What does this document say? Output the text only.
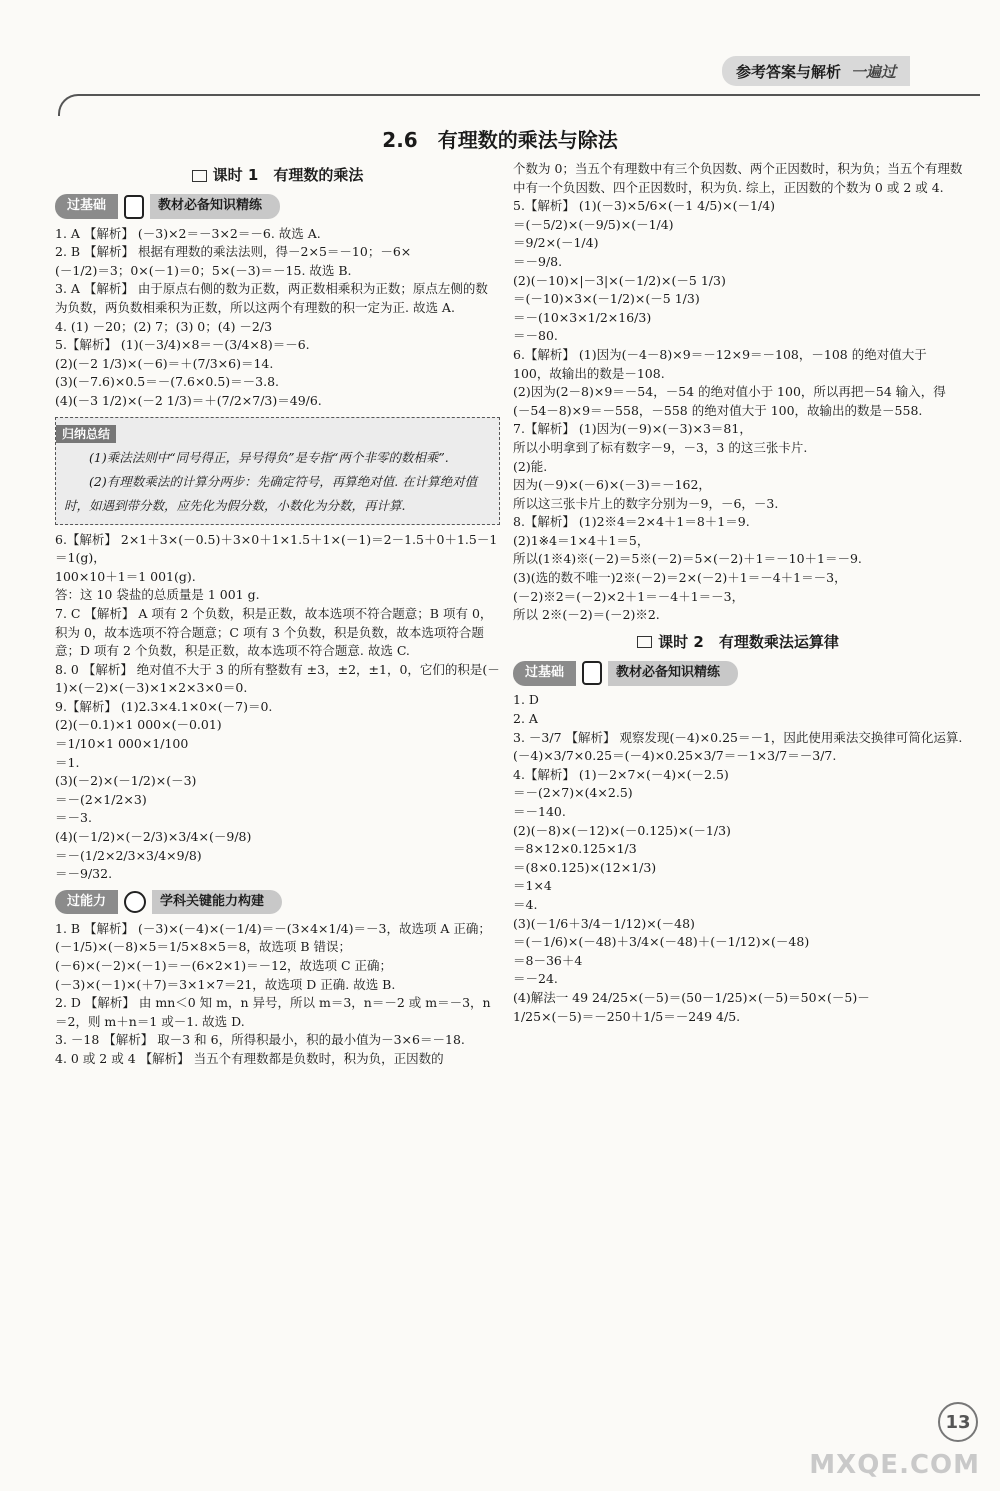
参考答案与解析 一遍过
2.6　有理数的乘法与除法
课时 1　有理数的乘法
过基础	教材必备知识精练
1. A 【解析】 (－3)×2＝－3×2＝－6. 故选 A.
2. B 【解析】 根据有理数的乘法法则，得－2×5＝－10；－6×
(－1/2)＝3；0×(－1)＝0；5×(－3)＝－15. 故选 B.
3. A 【解析】 由于原点右侧的数为正数，两正数相乘积为正数；原点左侧的数为负数，两负数相乘积为正数，所以这两个有理数的积一定为正. 故选 A.
4. (1) －20；(2) 7；(3) 0；(4) －2/3
5.【解析】 (1)(－3/4)×8＝－(3/4×8)＝－6.
(2)(－2 1/3)×(－6)＝＋(7/3×6)＝14.
(3)(－7.6)×0.5＝－(7.6×0.5)＝－3.8.
(4)(－3 1/2)×(－2 1/3)＝＋(7/2×7/3)＝49/6.
归纳总结
(1)乘法法则中“同号得正，异号得负”是专指“两个非零的数相乘”.
(2)有理数乘法的计算分两步：先确定符号，再算绝对值. 在计算绝对值时，如遇到带分数，应先化为假分数，小数化为分数，再计算.
6.【解析】 2×1＋3×(－0.5)＋3×0＋1×1.5＋1×(－1)＝2－1.5＋0＋1.5－1＝1(g)，
100×10＋1＝1 001(g).
答：这 10 袋盐的总质量是 1 001 g.
7. C 【解析】 A 项有 2 个负数，积是正数，故本选项不符合题意；B 项有 0，积为 0，故本选项不符合题意；C 项有 3 个负数，积是负数，故本选项符合题意；D 项有 2 个负数，积是正数，故本选项不符合题意. 故选 C.
8. 0 【解析】 绝对值不大于 3 的所有整数有 ±3，±2，±1，0，它们的积是(－1)×(－2)×(－3)×1×2×3×0＝0.
9.【解析】 (1)2.3×4.1×0×(－7)＝0.
(2)(－0.1)×1 000×(－0.01)
＝1/10×1 000×1/100
＝1.
(3)(－2)×(－1/2)×(－3)
＝－(2×1/2×3)
＝－3.
(4)(－1/2)×(－2/3)×3/4×(－9/8)
＝－(1/2×2/3×3/4×9/8)
＝－9/32.
过能力	学科关键能力构建
1. B 【解析】 (－3)×(－4)×(－1/4)＝－(3×4×1/4)＝－3，故选项 A 正确；(－1/5)×(－8)×5＝1/5×8×5＝8，故选项 B 错误；
(－6)×(－2)×(－1)＝－(6×2×1)＝－12，故选项 C 正确；
(－3)×(－1)×(＋7)＝3×1×7＝21，故选项 D 正确. 故选 B.
2. D 【解析】 由 mn＜0 知 m，n 异号，所以 m＝3，n＝－2 或 m＝－3，n＝2，则 m＋n＝1 或－1. 故选 D.
3. －18 【解析】 取－3 和 6，所得积最小，积的最小值为－3×6＝－18.
4. 0 或 2 或 4 【解析】 当五个有理数都是负数时，积为负，正因数的
个数为 0；当五个有理数中有三个负因数、两个正因数时，积为负；当五个有理数中有一个负因数、四个正因数时，积为负. 综上，正因数的个数为 0 或 2 或 4.
5.【解析】 (1)(－3)×5/6×(－1 4/5)×(－1/4)
＝(－5/2)×(－9/5)×(－1/4)
＝9/2×(－1/4)
＝－9/8.
(2)(－10)×|－3|×(－1/2)×(－5 1/3)
＝(－10)×3×(－1/2)×(－5 1/3)
＝－(10×3×1/2×16/3)
＝－80.
6.【解析】 (1)因为(－4－8)×9＝－12×9＝－108，－108 的绝对值大于 100，故输出的数是－108.
(2)因为(2－8)×9＝－54，－54 的绝对值小于 100，所以再把－54 输入，得(－54－8)×9＝－558，－558 的绝对值大于 100，故输出的数是－558.
7.【解析】 (1)因为(－9)×(－3)×3＝81，
所以小明拿到了标有数字－9，－3，3 的这三张卡片.
(2)能.
因为(－9)×(－6)×(－3)＝－162，
所以这三张卡片上的数字分别为－9，－6，－3.
8.【解析】 (1)2※4＝2×4＋1＝8＋1＝9.
(2)1※4＝1×4＋1＝5，
所以(1※4)※(－2)＝5※(－2)＝5×(－2)＋1＝－10＋1＝－9.
(3)(选的数不唯一)2※(－2)＝2×(－2)＋1＝－4＋1＝－3，
(－2)※2＝(－2)×2＋1＝－4＋1＝－3，
所以 2※(－2)＝(－2)※2.
课时 2　有理数乘法运算律
过基础	教材必备知识精练
1. D
2. A
3. －3/7 【解析】 观察发现(－4)×0.25＝－1，因此使用乘法交换律可简化运算. (－4)×3/7×0.25＝(－4)×0.25×3/7＝－1×3/7＝－3/7.
4.【解析】 (1)－2×7×(－4)×(－2.5)
＝－(2×7)×(4×2.5)
＝－140.
(2)(－8)×(－12)×(－0.125)×(－1/3)
＝8×12×0.125×1/3
＝(8×0.125)×(12×1/3)
＝1×4
＝4.
(3)(－1/6＋3/4－1/12)×(－48)
＝(－1/6)×(－48)＋3/4×(－48)＋(－1/12)×(－48)
＝8－36＋4
＝－24.
(4)解法一 49 24/25×(－5)＝(50－1/25)×(－5)＝50×(－5)－
1/25×(－5)＝－250＋1/5＝－249 4/5.
13
MXQE.COM
